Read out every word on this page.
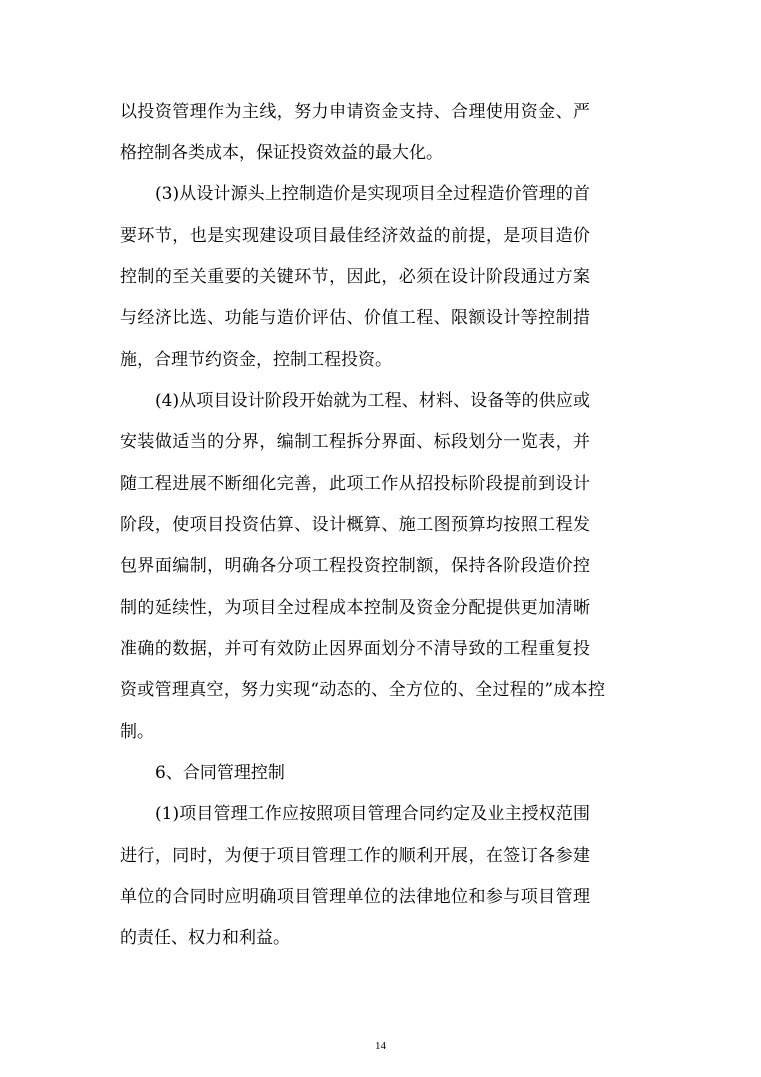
以投资管理作为主线，努力申请资金支持、合理使用资金、严
格控制各类成本，保证投资效益的最大化。
(3)从设计源头上控制造价是实现项目全过程造价管理的首
要环节，也是实现建设项目最佳经济效益的前提，是项目造价
控制的至关重要的关键环节，因此，必须在设计阶段通过方案
与经济比选、功能与造价评估、价值工程、限额设计等控制措
施，合理节约资金，控制工程投资。
(4)从项目设计阶段开始就为工程、材料、设备等的供应或
安装做适当的分界，编制工程拆分界面、标段划分一览表，并
随工程进展不断细化完善，此项工作从招投标阶段提前到设计
阶段，使项目投资估算、设计概算、施工图预算均按照工程发
包界面编制，明确各分项工程投资控制额，保持各阶段造价控
制的延续性，为项目全过程成本控制及资金分配提供更加清晰
准确的数据，并可有效防止因界面划分不清导致的工程重复投
资或管理真空，努力实现“动态的、全方位的、全过程的”成本控
制。
6、合同管理控制
(1)项目管理工作应按照项目管理合同约定及业主授权范围
进行，同时，为便于项目管理工作的顺利开展，在签订各参建
单位的合同时应明确项目管理单位的法律地位和参与项目管理
的责任、权力和利益。
14
